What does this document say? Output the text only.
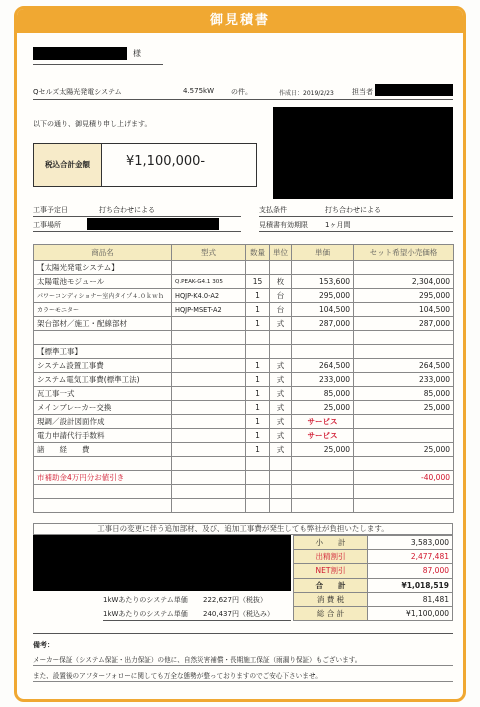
御見積書
様
Qセルズ太陽光発電システム	4.575kW の件。	作成日：2019/2/23	担当者
以下の通り、御見積り申し上げます。
税込合計金額	¥1,100,000-
工事予定日	打ち合わせによる
工事場所
支払条件	打ち合わせによる
見積書有効期限 1ヶ月間
商品名	型式	数量	単位	単価	セット希望小売価格
【太陽光発電システム】					
太陽電池モジュール	Q.PEAK-G4.1 305	15	枚	153,600	2,304,000
パワーコンディショナー室内タイプ４.０ｋｗｈ	HQJP-K4.0-A2	1	台	295,000	295,000
カラーモニター	HQJP-MSET-A2	1	台	104,500	104,500
架台部材／施工・配線部材		1	式	287,000	287,000

【標準工事】					
システム設置工事費		1	式	264,500	264,500
システム電気工事費(標準工法)		1	式	233,000	233,000
瓦工事一式		1	式	85,000	85,000
メインブレーカー交換		1	式	25,000	25,000
現調／設計図面作成		1	式	サービス	
電力申請代行手数料		1	式	サービス	
諸　　経　　費		1	式	25,000	25,000

市補助金4万円分お値引き					-40,000

工事日の変更に伴う追加部材、及び、追加工事費が発生しても弊社が負担いたします。
小　　計	3,583,000
出精割引	2,477,481
NET割引	87,000
合　　計	¥1,018,519
消 費 税	81,481
総 合 計	¥1,100,000
1kWあたりのシステム単価 222,627円（税抜）
1kWあたりのシステム単価 240,437円（税込み）
備考：
メーカー保証（システム保証・出力保証）の他に、自然災害補償・長期施工保証（雨漏り保証）もございます。
また、設置後のアフターフォローに関しても万全な態勢が整っておりますのでご安心下さいませ。
